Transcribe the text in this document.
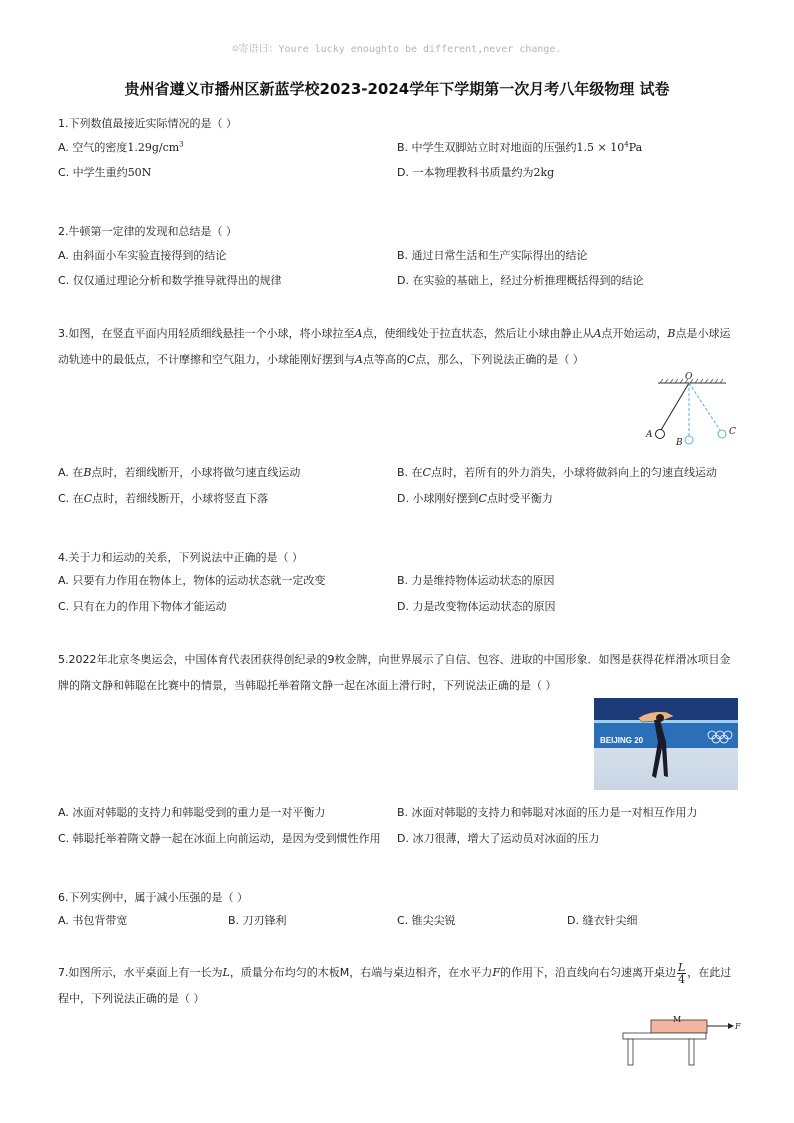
☺寄语曰：Youre lucky enoughto be different,never change.
贵州省遵义市播州区新蓝学校2023-2024学年下学期第一次月考八年级物理 试卷
1.下列数值最接近实际情况的是（ ）
A. 空气的密度$1.29g/cm^3$	B. 中学生双脚站立时对地面的压强约$1.5 \times 10^4Pa$
C. 中学生重约50N	D. 一本物理教科书质量约为2kg
2.牛顿第一定律的发现和总结是（ ）
A. 由斜面小车实验直接得到的结论	B. 通过日常生活和生产实际得出的结论
C. 仅仅通过理论分析和数学推导就得出的规律	D. 在实验的基础上，经过分析推理概括得到的结论
3.如图，在竖直平面内用轻质细线悬挂一个小球，将小球拉至A点，使细线处于拉直状态，然后让小球由静止从A点开始运动，B点是小球运动轨迹中的最低点，不计摩擦和空气阻力，小球能刚好摆到与A点等高的C点，那么，下列说法正确的是（ ）
O
A
B
C
A. 在B点时，若细线断开，小球将做匀速直线运动	B. 在C点时，若所有的外力消失，小球将做斜向上的匀速直线运动
C. 在C点时，若细线断开，小球将竖直下落	D. 小球刚好摆到C点时受平衡力
4.关于力和运动的关系，下列说法中正确的是（ ）
A. 只要有力作用在物体上，物体的运动状态就一定改变	B. 力是维持物体运动状态的原因
C. 只有在力的作用下物体才能运动	D. 力是改变物体运动状态的原因
5.2022年北京冬奥运会，中国体育代表团获得创纪录的9枚金牌，向世界展示了自信、包容、进取的中国形象．如图是获得花样滑冰项目金牌的隋文静和韩聪在比赛中的情景，当韩聪托举着隋文静一起在冰面上滑行时，下列说法正确的是（ ）
BEIJING 20
A. 冰面对韩聪的支持力和韩聪受到的重力是一对平衡力	B. 冰面对韩聪的支持力和韩聪对冰面的压力是一对相互作用力
C. 韩聪托举着隋文静一起在冰面上向前运动，是因为受到惯性作用 D. 冰刀很薄，增大了运动员对冰面的压力
6.下列实例中，属于减小压强的是（ ）
A. 书包背带宽	B. 刀刃锋利	C. 锥尖尖锐	D. 缝衣针尖细
7.如图所示，水平桌面上有一长为L，质量分布均匀的木板M，右端与桌边相齐，在水平力F的作用下，沿直线向右匀速离开桌边 $\frac{L}{4}$ ，在此过程中，下列说法正确的是（ ）
M
F
